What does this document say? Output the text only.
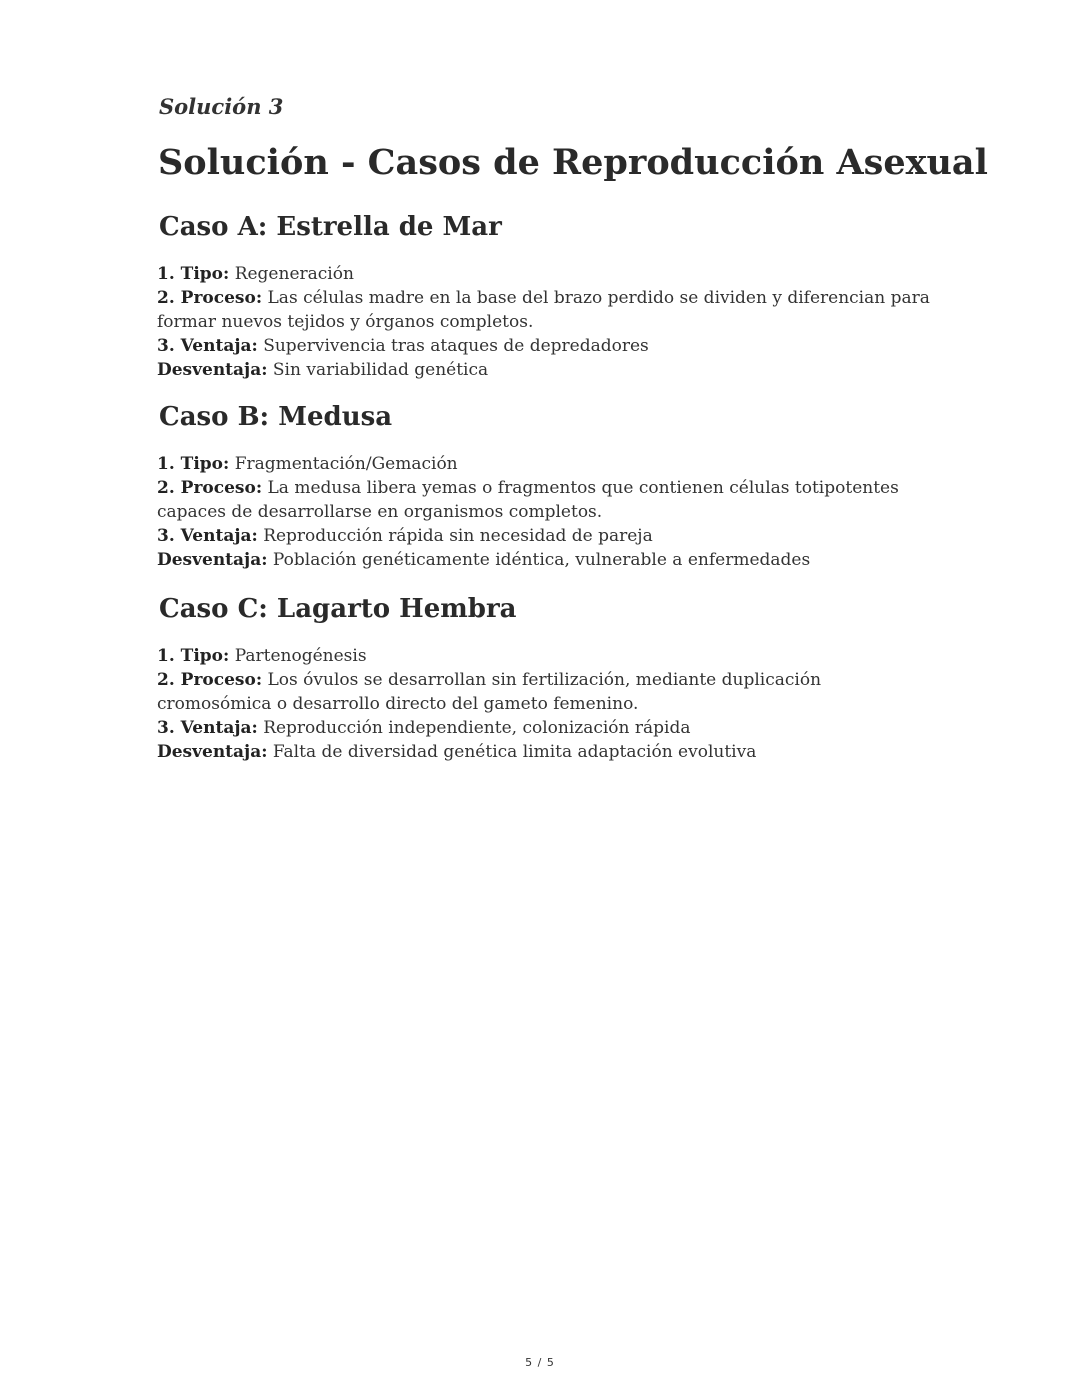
Solución 3

Solución - Casos de Reproducción Asexual
Caso A: Estrella de Mar
1. Tipo: Regeneración
2. Proceso: Las células madre en la base del brazo perdido se dividen y diferencian para formar nuevos tejidos y órganos completos.
3. Ventaja: Supervivencia tras ataques de depredadores
Desventaja: Sin variabilidad genética
Caso B: Medusa
1. Tipo: Fragmentación/Gemación
2. Proceso: La medusa libera yemas o fragmentos que contienen células totipotentes capaces de desarrollarse en organismos completos.
3. Ventaja: Reproducción rápida sin necesidad de pareja
Desventaja: Población genéticamente idéntica, vulnerable a enfermedades
Caso C: Lagarto Hembra
1. Tipo: Partenogénesis
2. Proceso: Los óvulos se desarrollan sin fertilización, mediante duplicación cromosómica o desarrollo directo del gameto femenino.
3. Ventaja: Reproducción independiente, colonización rápida
Desventaja: Falta de diversidad genética limita adaptación evolutiva
5 / 5
